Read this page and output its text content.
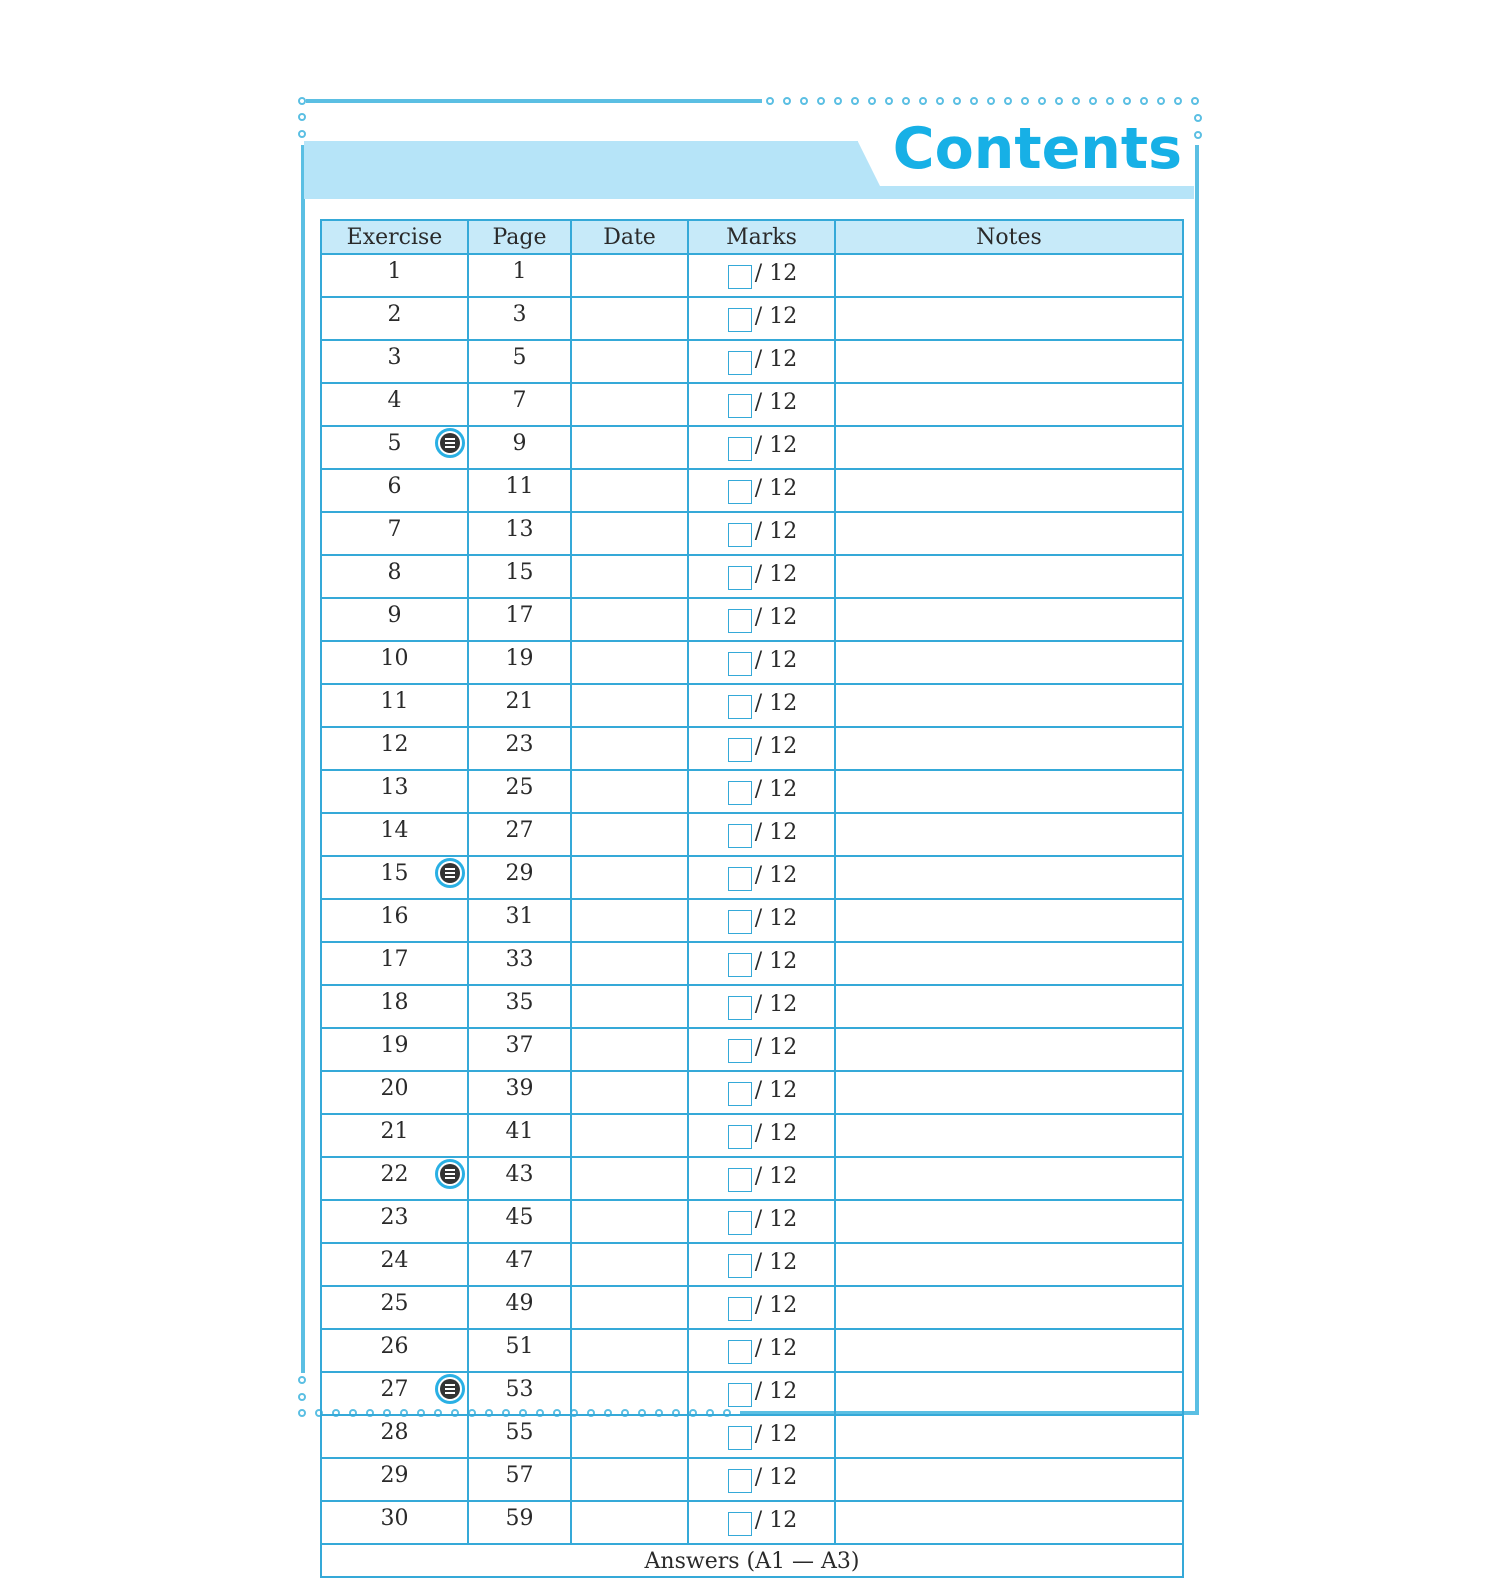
Contents
Exercise	Page	Date	Marks	Notes
1	1		/ 12	

2	3		/ 12	

3	5		/ 12	

4	7		/ 12	

5	9		/ 12	

6	11		/ 12	

7	13		/ 12	

8	15		/ 12	

9	17		/ 12	

10	19		/ 12	

11	21		/ 12	

12	23		/ 12	

13	25		/ 12	

14	27		/ 12	

15	29		/ 12	

16	31		/ 12	

17	33		/ 12	

18	35		/ 12	

19	37		/ 12	

20	39		/ 12	

21	41		/ 12	

22	43		/ 12	

23	45		/ 12	

24	47		/ 12	

25	49		/ 12	

26	51		/ 12	

27	53		/ 12	

28	55		/ 12	

29	57		/ 12	

30	59		/ 12	

Answers (A1 — A3)				
